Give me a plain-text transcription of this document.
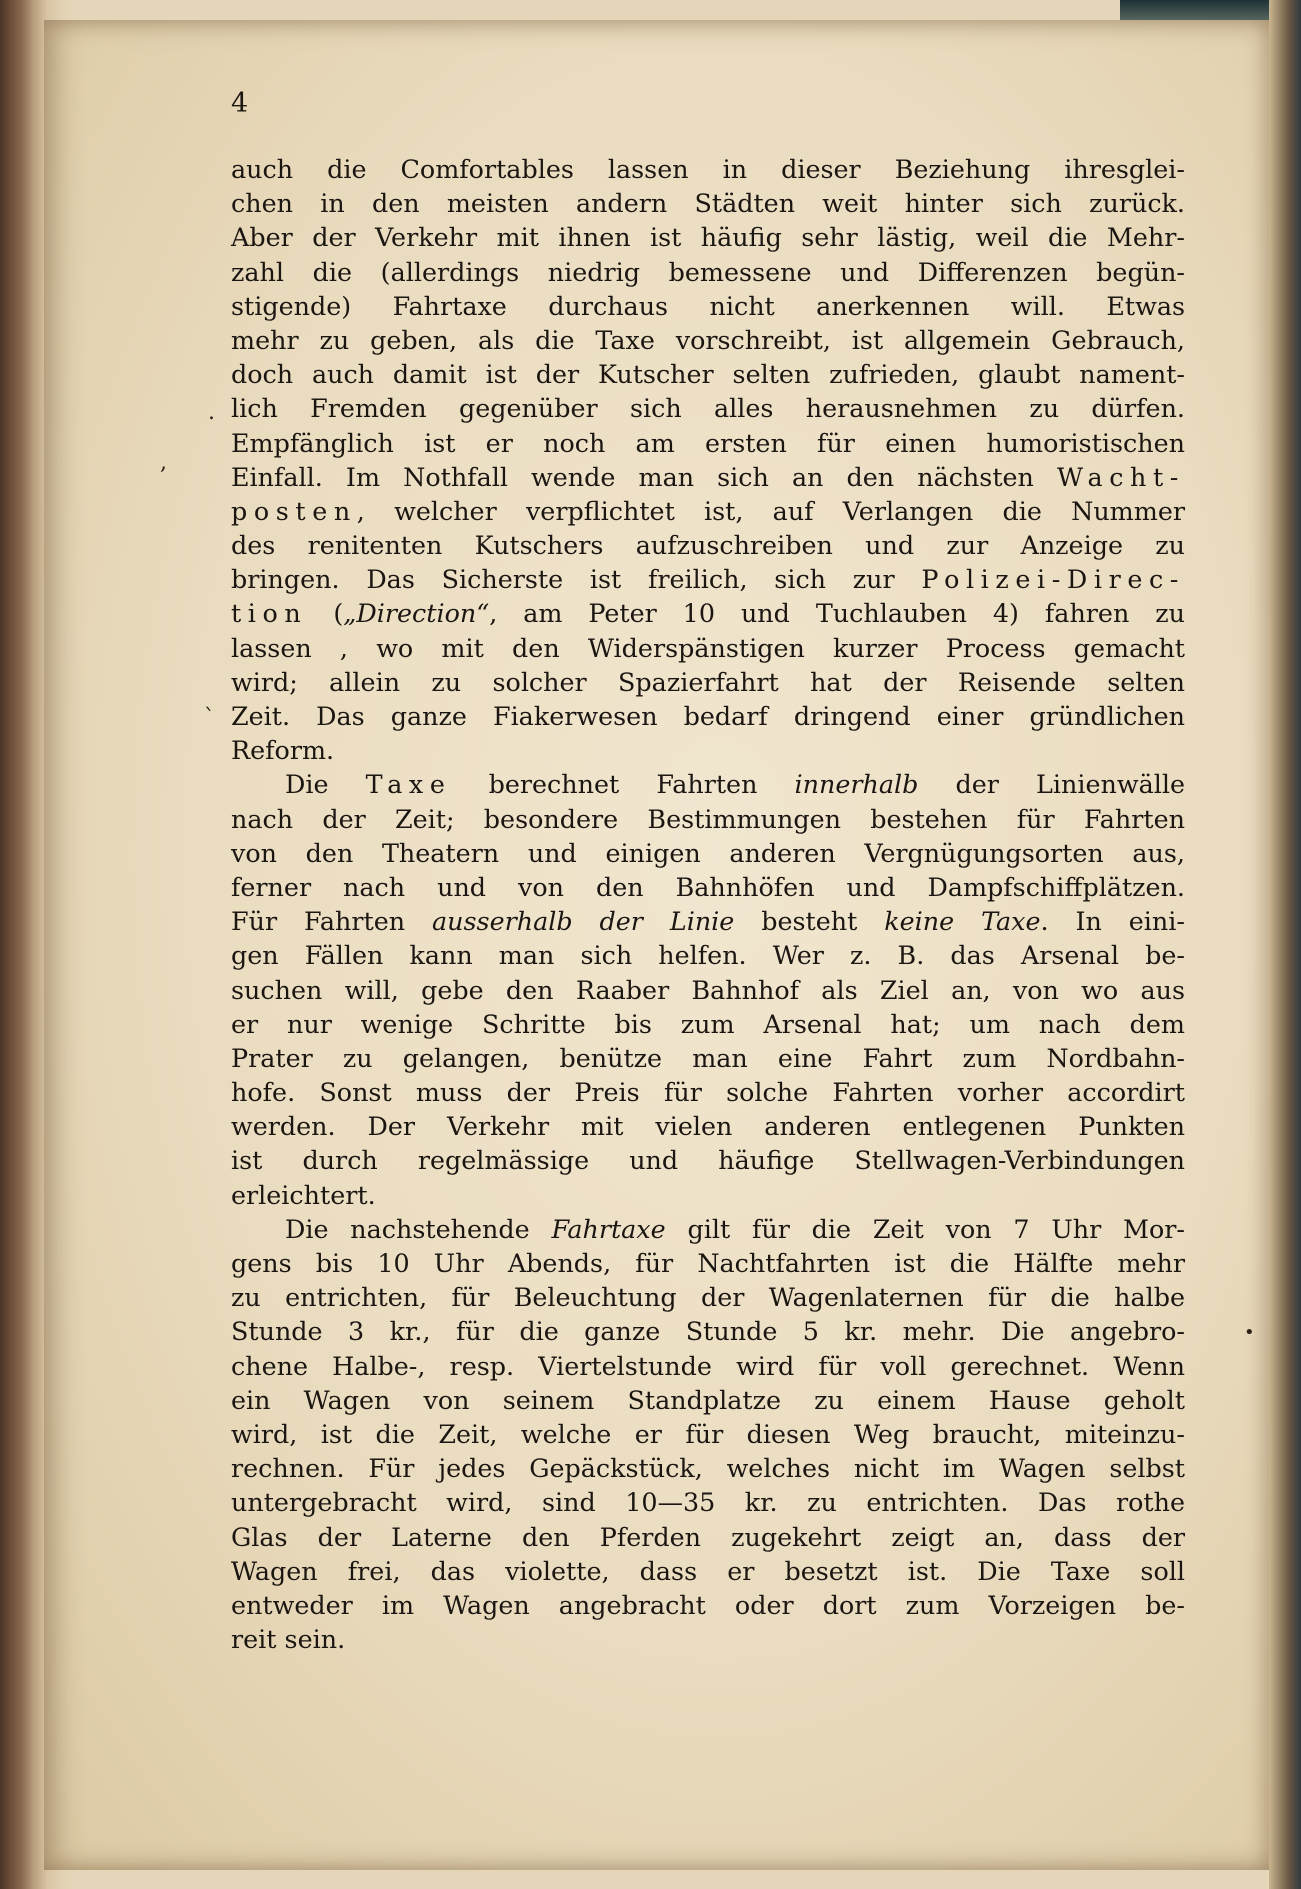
4
.
,
`
•
auch die Comfortables lassen in dieser Beziehung ihresglei-
chen in den meisten andern Städten weit hinter sich zurück.
Aber der Verkehr mit ihnen ist häufig sehr lästig, weil die Mehr-
zahl die (allerdings niedrig bemessene und Differenzen begün-
stigende) Fahrtaxe durchaus nicht anerkennen will. Etwas
mehr zu geben, als die Taxe vorschreibt, ist allgemein Gebrauch,
doch auch damit ist der Kutscher selten zufrieden, glaubt nament-
lich Fremden gegenüber sich alles herausnehmen zu dürfen.
Empfänglich ist er noch am ersten für einen humoristischen
Einfall. Im Nothfall wende man sich an den nächsten Wacht-
posten, welcher verpflichtet ist, auf Verlangen die Nummer
des renitenten Kutschers aufzuschreiben und zur Anzeige zu
bringen. Das Sicherste ist freilich, sich zur Polizei-Direc-
tion („Direction“, am Peter 10 und Tuchlauben 4) fahren zu
lassen , wo mit den Widerspänstigen kurzer Process gemacht
wird; allein zu solcher Spazierfahrt hat der Reisende selten
Zeit. Das ganze Fiakerwesen bedarf dringend einer gründlichen
Reform.
Die Taxe berechnet Fahrten innerhalb der Linienwälle
nach der Zeit; besondere Bestimmungen bestehen für Fahrten
von den Theatern und einigen anderen Vergnügungsorten aus,
ferner nach und von den Bahnhöfen und Dampfschiffplätzen.
Für Fahrten ausserhalb der Linie besteht keine Taxe. In eini-
gen Fällen kann man sich helfen. Wer z. B. das Arsenal be-
suchen will, gebe den Raaber Bahnhof als Ziel an, von wo aus
er nur wenige Schritte bis zum Arsenal hat; um nach dem
Prater zu gelangen, benütze man eine Fahrt zum Nordbahn-
hofe. Sonst muss der Preis für solche Fahrten vorher accordirt
werden. Der Verkehr mit vielen anderen entlegenen Punkten
ist durch regelmässige und häufige Stellwagen-Verbindungen
erleichtert.
Die nachstehende Fahrtaxe gilt für die Zeit von 7 Uhr Mor-
gens bis 10 Uhr Abends, für Nachtfahrten ist die Hälfte mehr
zu entrichten, für Beleuchtung der Wagenlaternen für die halbe
Stunde 3 kr., für die ganze Stunde 5 kr. mehr. Die angebro-
chene Halbe-, resp. Viertelstunde wird für voll gerechnet. Wenn
ein Wagen von seinem Standplatze zu einem Hause geholt
wird, ist die Zeit, welche er für diesen Weg braucht, miteinzu-
rechnen. Für jedes Gepäckstück, welches nicht im Wagen selbst
untergebracht wird, sind 10—35 kr. zu entrichten. Das rothe
Glas der Laterne den Pferden zugekehrt zeigt an, dass der
Wagen frei, das violette, dass er besetzt ist. Die Taxe soll
entweder im Wagen angebracht oder dort zum Vorzeigen be-
reit sein.
